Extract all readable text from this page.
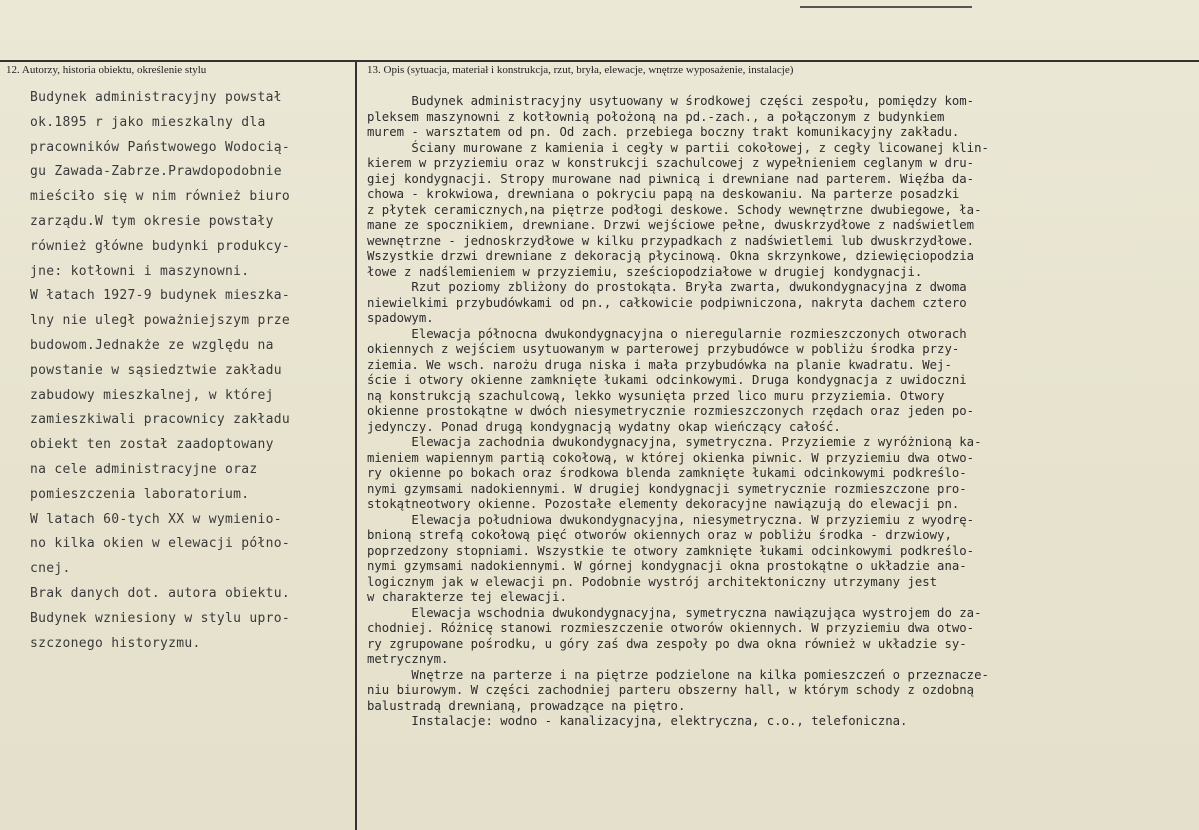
12. Autorzy, historia obiektu, określenie stylu	13. Opis (sytuacja, materiał i konstrukcja, rzut, bryła, elewacje, wnętrze wyposażenie, instalacje)
Budynek administracyjny powstał
ok.1895 r jako mieszkalny dla
pracowników Państwowego Wodocią-
gu Zawada-Zabrze.Prawdopodobnie
mieściło się w nim również biuro
zarządu.W tym okresie powstały
również główne budynki produkcy-
jne: kotłowni i maszynowni.
W łatach 1927-9 budynek mieszka-
lny nie uległ poważniejszym prze
budowom.Jednakże ze względu na
powstanie w sąsiedztwie zakładu
zabudowy mieszkalnej, w której
zamieszkiwali pracownicy zakładu
obiekt ten został zaadoptowany
na cele administracyjne oraz
pomieszczenia laboratorium.
W latach 60-tych XX w wymienio-
no kilka okien w elewacji półno-
cnej.
Brak danych dot. autora obiektu.
Budynek wzniesiony w stylu upro-
szczonego historyzmu.
Budynek administracyjny usytuowany w środkowej części zespołu, pomiędzy kom-
pleksem maszynowni z kotłownią położoną na pd.-zach., a połączonym z budynkiem
murem - warsztatem od pn. Od zach. przebiega boczny trakt komunikacyjny zakładu.
Ściany murowane z kamienia i cegły w partii cokołowej, z cegły licowanej klin-
kierem w przyziemiu oraz w konstrukcji szachulcowej z wypełnieniem ceglanym w dru-
giej kondygnacji. Stropy murowane nad piwnicą i drewniane nad parterem. Więźba da-
chowa - krokwiowa, drewniana o pokryciu papą na deskowaniu. Na parterze posadzki
z płytek ceramicznych,na piętrze podłogi deskowe. Schody wewnętrzne dwubiegowe, ła-
mane ze spocznikiem, drewniane. Drzwi wejściowe pełne, dwuskrzydłowe z nadświetlem
wewnętrzne - jednoskrzydłowe w kilku przypadkach z nadświetlemi lub dwuskrzydłowe.
Wszystkie drzwi drewniane z dekoracją płycinową. Okna skrzynkowe, dziewięciopodzia
łowe z nadślemieniem w przyziemiu, sześciopodziałowe w drugiej kondygnacji.
Rzut poziomy zbliżony do prostokąta. Bryła zwarta, dwukondygnacyjna z dwoma
niewielkimi przybudówkami od pn., całkowicie podpiwniczona, nakryta dachem cztero
spadowym.
Elewacja północna dwukondygnacyjna o nieregularnie rozmieszczonych otworach
okiennych z wejściem usytuowanym w parterowej przybudówce w pobliżu środka przy-
ziemia. We wsch. narożu druga niska i mała przybudówka na planie kwadratu. Wej-
ście i otwory okienne zamknięte łukami odcinkowymi. Druga kondygnacja z uwidoczni
ną konstrukcją szachulcową, lekko wysunięta przed lico muru przyziemia. Otwory
okienne prostokątne w dwóch niesymetrycznie rozmieszczonych rzędach oraz jeden po-
jedynczy. Ponad drugą kondygnacją wydatny okap wieńczący całość.
Elewacja zachodnia dwukondygnacyjna, symetryczna. Przyziemie z wyróżnioną ka-
mieniem wapiennym partią cokołową, w której okienka piwnic. W przyziemiu dwa otwo-
ry okienne po bokach oraz środkowa blenda zamknięte łukami odcinkowymi podkreślo-
nymi gzymsami nadokiennymi. W drugiej kondygnacji symetrycznie rozmieszczone pro-
stokątneotwory okienne. Pozostałe elementy dekoracyjne nawiązują do elewacji pn.
Elewacja południowa dwukondygnacyjna, niesymetryczna. W przyziemiu z wyodrę-
bnioną strefą cokołową pięć otworów okiennych oraz w pobliżu środka - drzwiowy,
poprzedzony stopniami. Wszystkie te otwory zamknięte łukami odcinkowymi podkreślo-
nymi gzymsami nadokiennymi. W górnej kondygnacji okna prostokątne o układzie ana-
logicznym jak w elewacji pn. Podobnie wystrój architektoniczny utrzymany jest
w charakterze tej elewacji.
Elewacja wschodnia dwukondygnacyjna, symetryczna nawiązująca wystrojem do za-
chodniej. Różnicę stanowi rozmieszczenie otworów okiennych. W przyziemiu dwa otwo-
ry zgrupowane pośrodku, u góry zaś dwa zespoły po dwa okna również w układzie sy-
metrycznym.
Wnętrze na parterze i na piętrze podzielone na kilka pomieszczeń o przeznacze-
niu biurowym. W części zachodniej parteru obszerny hall, w którym schody z ozdobną
balustradą drewnianą, prowadzące na piętro.
Instalacje: wodno - kanalizacyjna, elektryczna, c.o., telefoniczna.
